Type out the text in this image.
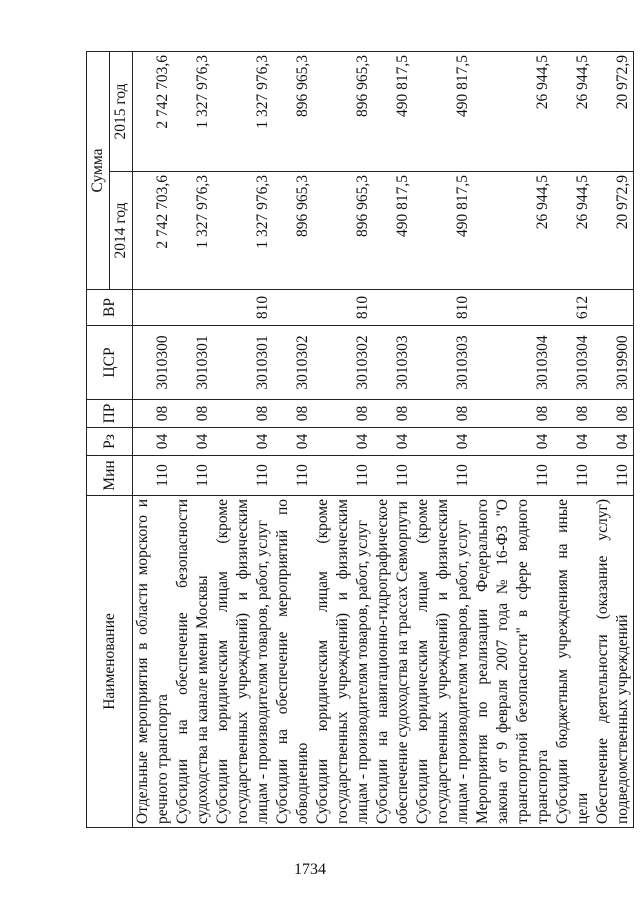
1734
Наименование	Мин	Рз	ПР	ЦСР	ВР	Сумма	
						2014 год	2015 год
Отдельные мероприятия в области морского и речного транспорта	110	04	08	3010300		2 742 703,6	2 742 703,6
Субсидии на обеспечение безопасности судоходства на канале имени Москвы	110	04	08	3010301		1 327 976,3	1 327 976,3
Субсидии юридическим лицам (кроме государственных учреждений) и физическим лицам - производителям товаров, работ, услуг	110	04	08	3010301	810	1 327 976,3	1 327 976,3
Субсидии на обеспечение мероприятий по обводнению	110	04	08	3010302		896 965,3	896 965,3
Субсидии юридическим лицам (кроме государственных учреждений) и физическим лицам - производителям товаров, работ, услуг	110	04	08	3010302	810	896 965,3	896 965,3
Субсидии на навигационно-гидрографическое обеспечение судоходства на трассах Севморпути	110	04	08	3010303		490 817,5	490 817,5
Субсидии юридическим лицам (кроме государственных учреждений) и физическим лицам - производителям товаров, работ, услуг	110	04	08	3010303	810	490 817,5	490 817,5
Мероприятия по реализации Федерального закона от 9 февраля 2007 года № 16-ФЗ "О транспортной безопасности" в сфере водного транспорта	110	04	08	3010304		26 944,5	26 944,5
Субсидии бюджетным учреждениям на иные цели	110	04	08	3010304	612	26 944,5	26 944,5
Обеспечение деятельности (оказание услуг) подведомственных учреждений	110	04	08	3019900		20 972,9	20 972,9
